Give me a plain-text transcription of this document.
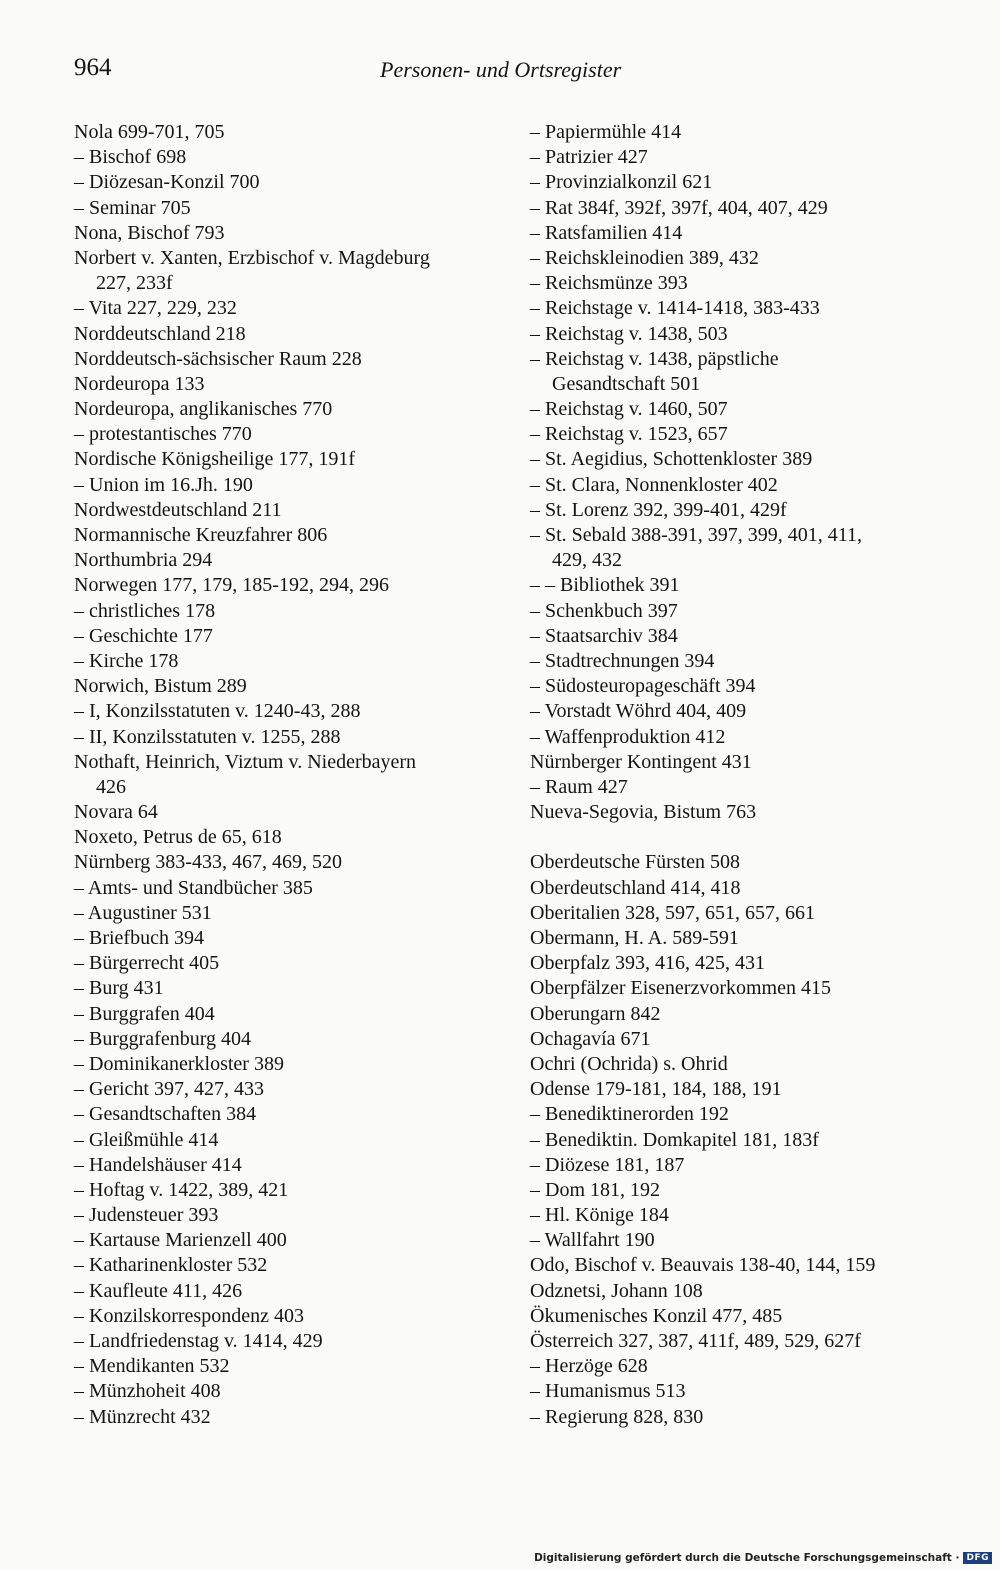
964	Personen- und Ortsregister
Nola 699-701, 705
– Bischof 698
– Diözesan-Konzil 700
– Seminar 705
Nona, Bischof 793
Norbert v. Xanten, Erzbischof v. Magdeburg
227, 233f
– Vita 227, 229, 232
Norddeutschland 218
Norddeutsch-sächsischer Raum 228
Nordeuropa 133
Nordeuropa, anglikanisches 770
– protestantisches 770
Nordische Königsheilige 177, 191f
– Union im 16.Jh. 190
Nordwestdeutschland 211
Normannische Kreuzfahrer 806
Northumbria 294
Norwegen 177, 179, 185-192, 294, 296
– christliches 178
– Geschichte 177
– Kirche 178
Norwich, Bistum 289
– I, Konzilsstatuten v. 1240-43, 288
– II, Konzilsstatuten v. 1255, 288
Nothaft, Heinrich, Viztum v. Niederbayern
426
Novara 64
Noxeto, Petrus de 65, 618
Nürnberg 383-433, 467, 469, 520
– Amts- und Standbücher 385
– Augustiner 531
– Briefbuch 394
– Bürgerrecht 405
– Burg 431
– Burggrafen 404
– Burggrafenburg 404
– Dominikanerkloster 389
– Gericht 397, 427, 433
– Gesandtschaften 384
– Gleißmühle 414
– Handelshäuser 414
– Hoftag v. 1422, 389, 421
– Judensteuer 393
– Kartause Marienzell 400
– Katharinenkloster 532
– Kaufleute 411, 426
– Konzilskorrespondenz 403
– Landfriedenstag v. 1414, 429
– Mendikanten 532
– Münzhoheit 408
– Münzrecht 432
– Papiermühle 414
– Patrizier 427
– Provinzialkonzil 621
– Rat 384f, 392f, 397f, 404, 407, 429
– Ratsfamilien 414
– Reichskleinodien 389, 432
– Reichsmünze 393
– Reichstage v. 1414-1418, 383-433
– Reichstag v. 1438, 503
– Reichstag v. 1438, päpstliche
Gesandtschaft 501
– Reichstag v. 1460, 507
– Reichstag v. 1523, 657
– St. Aegidius, Schottenkloster 389
– St. Clara, Nonnenkloster 402
– St. Lorenz 392, 399-401, 429f
– St. Sebald 388-391, 397, 399, 401, 411,
429, 432
– – Bibliothek 391
– Schenkbuch 397
– Staatsarchiv 384
– Stadtrechnungen 394
– Südosteuropageschäft 394
– Vorstadt Wöhrd 404, 409
– Waffenproduktion 412
Nürnberger Kontingent 431
– Raum 427
Nueva-Segovia, Bistum 763
Oberdeutsche Fürsten 508
Oberdeutschland 414, 418
Oberitalien 328, 597, 651, 657, 661
Obermann, H. A. 589-591
Oberpfalz 393, 416, 425, 431
Oberpfälzer Eisenerzvorkommen 415
Oberungarn 842
Ochagavía 671
Ochri (Ochrida) s. Ohrid
Odense 179-181, 184, 188, 191
– Benediktinerorden 192
– Benediktin. Domkapitel 181, 183f
– Diözese 181, 187
– Dom 181, 192
– Hl. Könige 184
– Wallfahrt 190
Odo, Bischof v. Beauvais 138-40, 144, 159
Odznetsi, Johann 108
Ökumenisches Konzil 477, 485
Österreich 327, 387, 411f, 489, 529, 627f
– Herzöge 628
– Humanismus 513
– Regierung 828, 830
Digitalisierung gefördert durch die Deutsche Forschungsgemeinschaft · DFG
